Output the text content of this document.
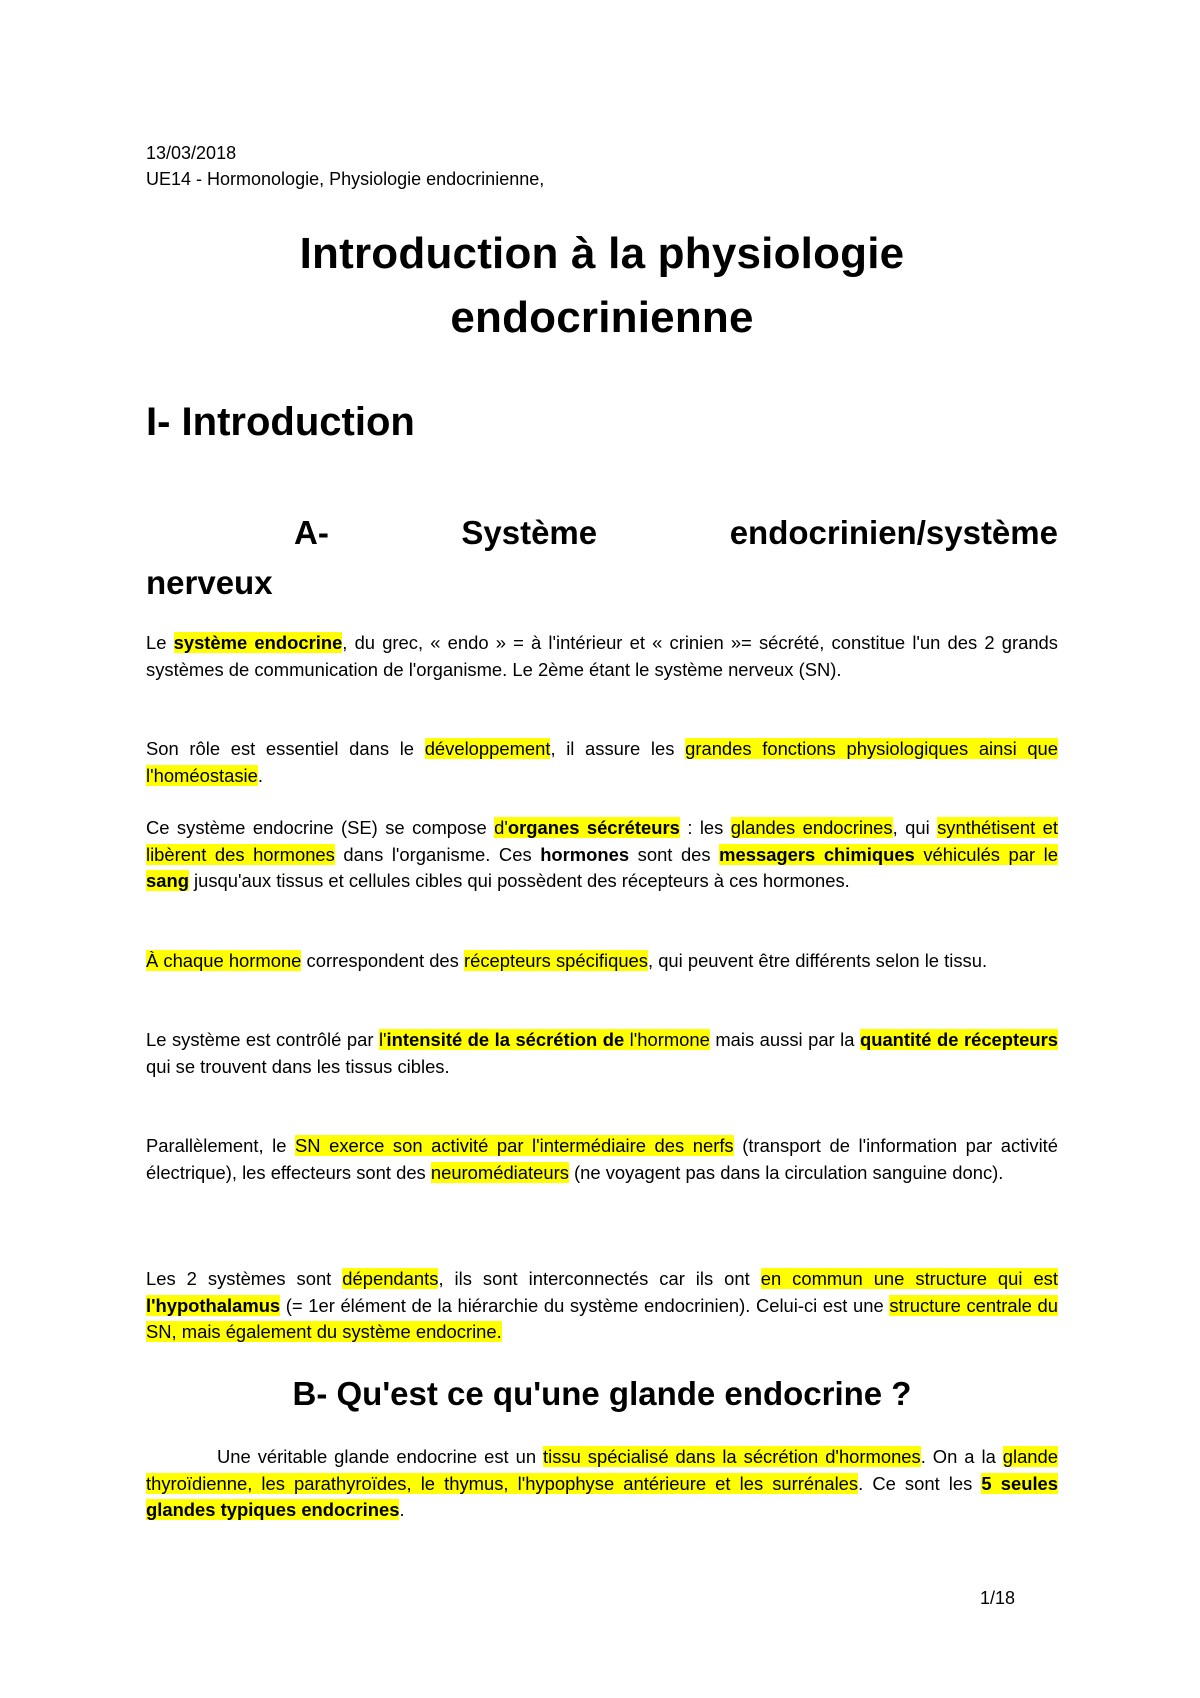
13/03/2018
UE14 - Hormonologie, Physiologie endocrinienne,
Introduction à la physiologie
endocrinienne
I- Introduction
A-	Système	endocrinien/système
nerveux
Le système endocrine, du grec, « endo » = à l'intérieur et « crinien »= sécrété, constitue l'un des 2 grands systèmes de communication de l'organisme. Le 2ème étant le système nerveux (SN).
Son rôle est essentiel dans le développement, il assure les grandes fonctions physiologiques ainsi que l'homéostasie.
Ce système endocrine (SE) se compose d'organes sécréteurs : les glandes endocrines, qui synthétisent et libèrent des hormones dans l'organisme. Ces hormones sont des messagers chimiques véhiculés par le sang jusqu'aux tissus et cellules cibles qui possèdent des récepteurs à ces hormones.
À chaque hormone correspondent des récepteurs spécifiques, qui peuvent être différents selon le tissu.
Le système est contrôlé par l'intensité de la sécrétion de l'hormone mais aussi par la quantité de récepteurs qui se trouvent dans les tissus cibles.
Parallèlement, le SN exerce son activité par l'intermédiaire des nerfs (transport de l'information par activité électrique), les effecteurs sont des neuromédiateurs (ne voyagent pas dans la circulation sanguine donc).
Les 2 systèmes sont dépendants, ils sont interconnectés car ils ont en commun une structure qui est l'hypothalamus (= 1er élément de la hiérarchie du système endocrinien). Celui-ci est une structure centrale du SN, mais également du système endocrine.
B- Qu'est ce qu'une glande endocrine ?
Une véritable glande endocrine est un tissu spécialisé dans la sécrétion d'hormones. On a la glande thyroïdienne, les parathyroïdes, le thymus, l'hypophyse antérieure et les surrénales. Ce sont les 5 seules glandes typiques endocrines.
1/18
